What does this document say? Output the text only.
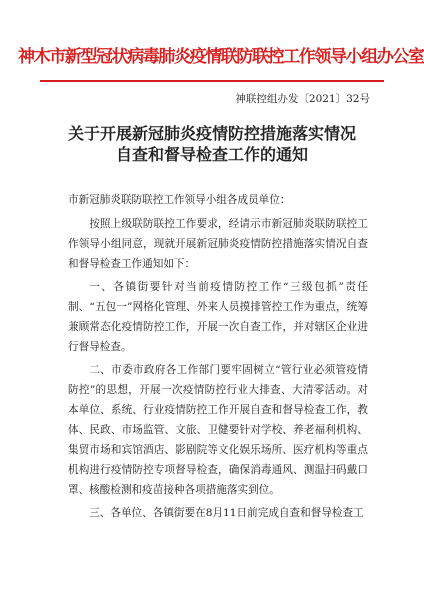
神木市新型冠状病毒肺炎疫情联防联控工作领导小组办公室
神联控组办发〔2021〕32号
关于开展新冠肺炎疫情防控措施落实情况
自查和督导检查工作的通知

市新冠肺炎联防联控工作领导小组各成员单位：

按照上级联防联控工作要求，经请示市新冠肺炎联防联控工作领导小组同意，现就开展新冠肺炎疫情防控措施落实情况自查和督导检查工作通知如下：

一、各镇街要针对当前疫情防控工作“三级包抓”责任制、“五包一”网格化管理、外来人员摸排管控工作为重点，统筹兼顾常态化疫情防控工作，开展一次自查工作，并对辖区企业进行督导检查。

二、市委市政府各工作部门要牢固树立“管行业必须管疫情防控”的思想，开展一次疫情防控行业大排查、大清零活动。对本单位、系统、行业疫情防控工作开展自查和督导检查工作，教体、民政、市场监管、文旅、卫健要针对学校、养老福利机构、集贸市场和宾馆酒店、影剧院等文化娱乐场所、医疗机构等重点机构进行疫情防控专项督导检查，确保消毒通风、测温扫码戴口罩、核酸检测和疫苗接种各项措施落实到位。

三、各单位、各镇街要在8月11日前完成自查和督导检查工
